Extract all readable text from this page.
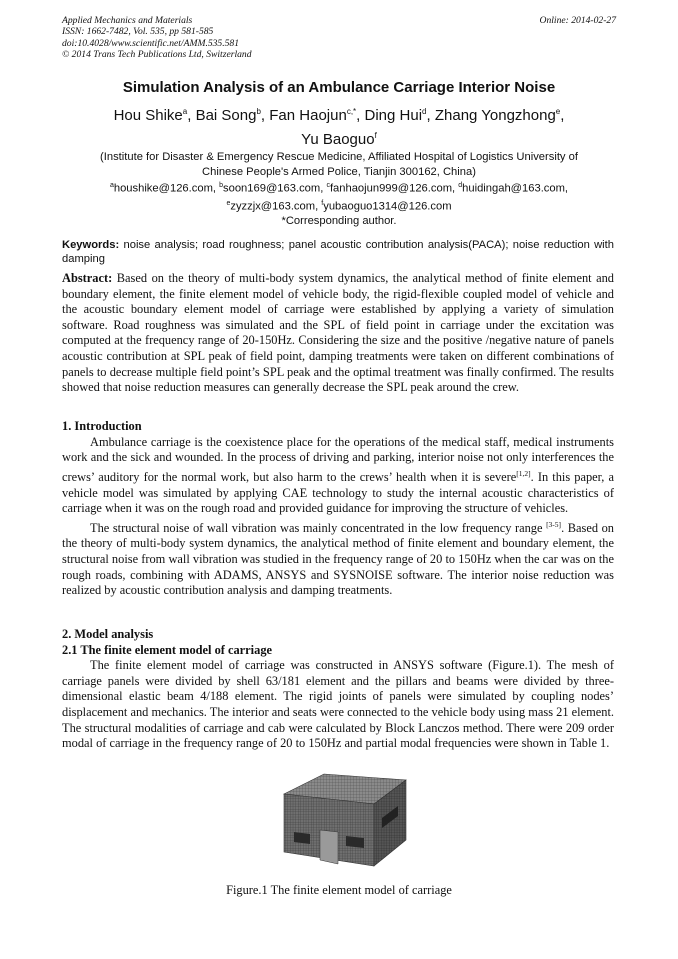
Applied Mechanics and Materials
ISSN: 1662-7482, Vol. 535, pp 581-585
doi:10.4028/www.scientific.net/AMM.535.581
© 2014 Trans Tech Publications Ltd, Switzerland
Online: 2014-02-27
Simulation Analysis of an Ambulance Carriage Interior Noise
Hou Shike$^a$, Bai Song$^b$, Fan Haojun$^{c,*}$, Ding Hui$^d$, Zhang Yongzhong$^e$,
Yu Baoguo$^f$
(Institute for Disaster & Emergency Rescue Medicine, Affiliated Hospital of Logistics University of
Chinese People's Armed Police, Tianjin 300162, China)
$^a$houshike@126.com, $^b$soon169@163.com, $^c$fanhaojun999@126.com, $^d$huidingah@163.com,
$^e$zyzzjx@163.com, $^f$yubaoguo1314@126.com
*Corresponding author.
Keywords: noise analysis; road roughness; panel acoustic contribution analysis(PACA); noise reduction with damping

Abstract: Based on the theory of multi-body system dynamics, the analytical method of finite element and boundary element, the finite element model of vehicle body, the rigid-flexible coupled model of vehicle and the acoustic boundary element model of carriage were established by applying a variety of simulation software. Road roughness was simulated and the SPL of field point in carriage under the excitation was computed at the frequency range of 20-150Hz. Considering the size and the positive /negative nature of panels acoustic contribution at SPL peak of field point, damping treatments were taken on different combinations of panels to decrease multiple field point’s SPL peak and the optimal treatment was finally confirmed. The results showed that noise reduction measures can generally decrease the SPL peak around the crew.

1. Introduction

Ambulance carriage is the coexistence place for the operations of the medical staff, medical instruments work and the sick and wounded. In the process of driving and parking, interior noise not only interferences the crews’ auditory for the normal work, but also harm to the crews’ health when it is severe[1,2]. In this paper, a vehicle model was simulated by applying CAE technology to study the internal acoustic characteristics of carriage when it was on the rough road and provided guidance for improving the structure of vehicles.

The structural noise of wall vibration was mainly concentrated in the low frequency range [3-5]. Based on the theory of multi-body system dynamics, the analytical method of finite element and boundary element, the structural noise from wall vibration was studied in the frequency range of 20 to 150Hz when the car was on the rough roads, combining with ADAMS, ANSYS and SYSNOISE software. The interior noise reduction was realized by acoustic contribution analysis and damping treatments.

2. Model analysis

2.1 The finite element model of carriage

The finite element model of carriage was constructed in ANSYS software (Figure.1). The mesh of carriage panels were divided by shell 63/181 element and the pillars and beams were divided by three-dimensional elastic beam 4/188 element. The rigid joints of panels were simulated by coupling nodes’ displacement and mechanics. The interior and seats were connected to the vehicle body using mass 21 element. The structural modalities of carriage and cab were calculated by Block Lanczos method. There were 209 order modal of carriage in the frequency range of 20 to 150Hz and partial modal frequencies were shown in Table 1.

Figure.1 The finite element model of carriage
